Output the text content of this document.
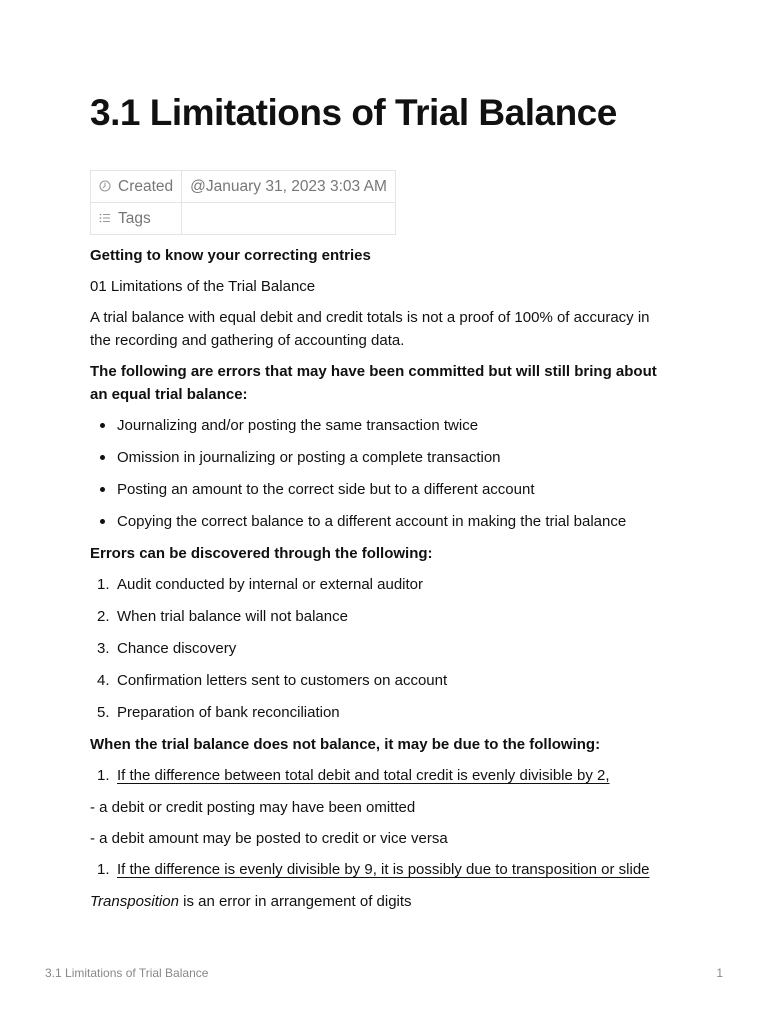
3.1 Limitations of Trial Balance
Created	@January 31, 2023 3:03 AM
Tags	

Getting to know your correcting entries

01 Limitations of the Trial Balance

A trial balance with equal debit and credit totals is not a proof of 100% of accuracy in the recording and gathering of accounting data.

The following are errors that may have been committed but will still bring about an equal trial balance:

Journalizing and/or posting the same transaction twice
Omission in journalizing or posting a complete transaction
Posting an amount to the correct side but to a different account
Copying the correct balance to a different account in making the trial balance

Errors can be discovered through the following:

1. Audit conducted by internal or external auditor
2. When trial balance will not balance
3. Chance discovery
4. Confirmation letters sent to customers on account
5. Preparation of bank reconciliation

When the trial balance does not balance, it may be due to the following:

1. If the difference between total debit and total credit is evenly divisible by 2,

- a debit or credit posting may have been omitted

- a debit amount may be posted to credit or vice versa

1. If the difference is evenly divisible by 9, it is possibly due to transposition or slide

Transposition is an error in arrangement of digits

3.1 Limitations of Trial Balance	1
